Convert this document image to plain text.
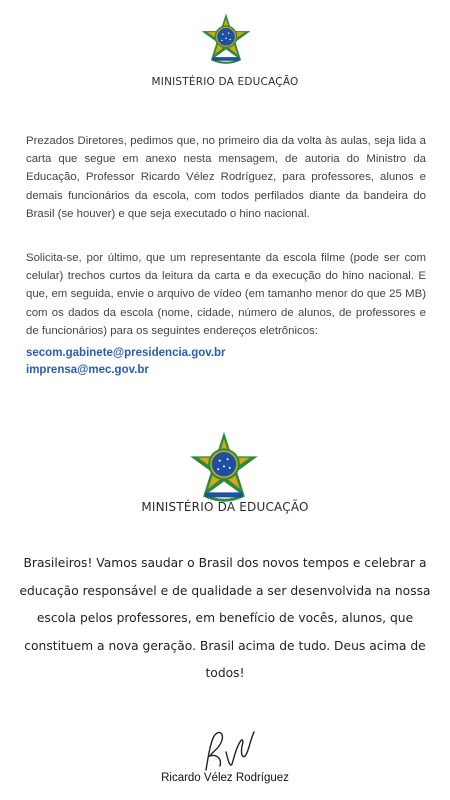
MINISTÉRIO DA EDUCAÇÃO

Prezados Diretores, pedimos que, no primeiro dia da volta às aulas, seja lida a carta que segue em anexo nesta mensagem, de autoria do Ministro da Educação, Professor Ricardo Vélez Rodríguez, para professores, alunos e demais funcionários da escola, com todos perfilados diante da bandeira do Brasil (se houver) e que seja executado o hino nacional.

Solicita-se, por último, que um representante da escola filme (pode ser com celular) trechos curtos da leitura da carta e da execução do hino nacional. E que, em seguida, envie o arquivo de vídeo (em tamanho menor do que 25 MB) com os dados da escola (nome, cidade, número de alunos, de professores e de funcionários) para os seguintes endereços eletrônicos:

secom.gabinete@presidencia.gov.br
imprensa@mec.gov.br
MINISTÉRIO DA EDUCAÇÃO

Brasileiros! Vamos saudar o Brasil dos novos tempos e celebrar a educação responsável e de qualidade a ser desenvolvida na nossa escola pelos professores, em benefício de vocês, alunos, que constituem a nova geração. Brasil acima de tudo. Deus acima de todos!

Ricardo Vélez Rodríguez
